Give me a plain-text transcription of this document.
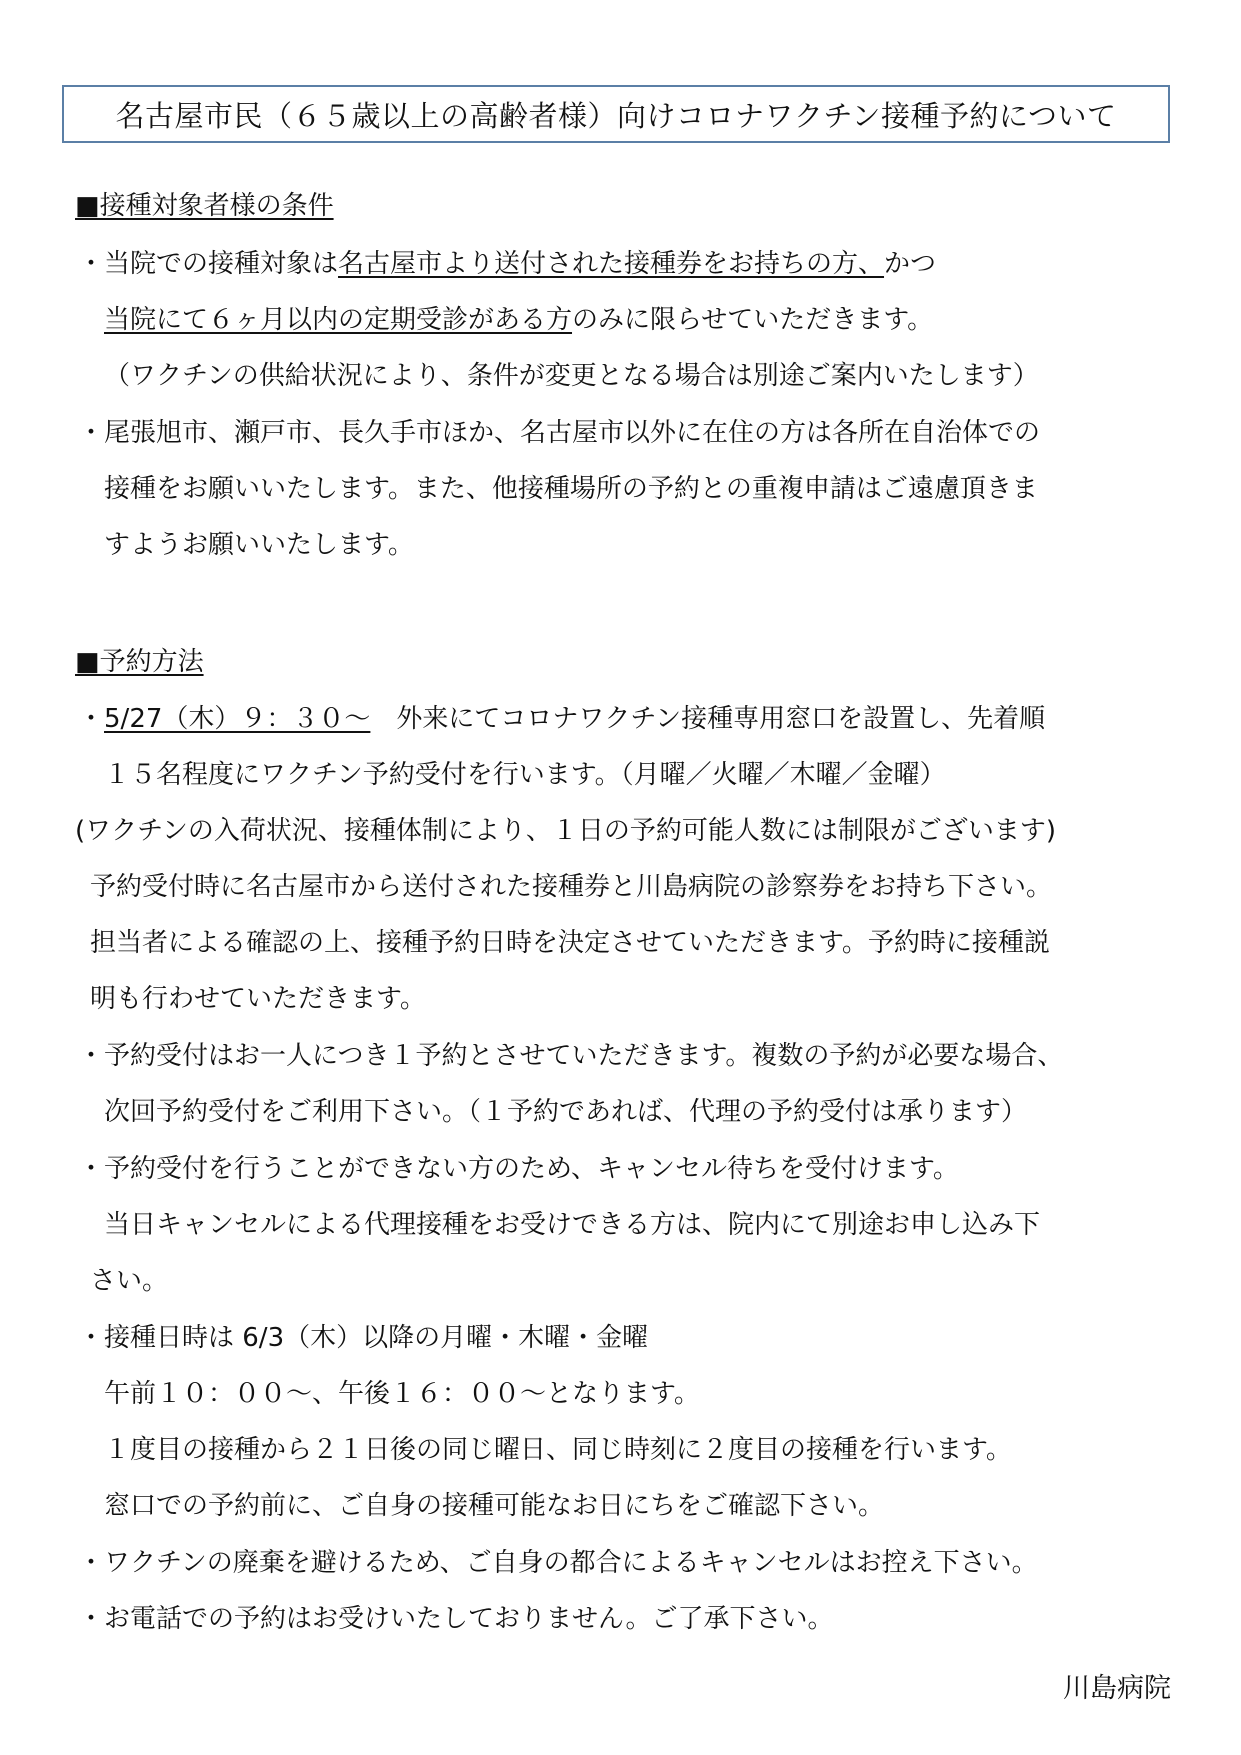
名古屋市民（６５歳以上の高齢者様）向けコロナワクチン接種予約について
■接種対象者様の条件
・当院での接種対象は名古屋市より送付された接種券をお持ちの方、かつ
当院にて６ヶ月以内の定期受診がある方のみに限らせていただきます。
（ワクチンの供給状況により、条件が変更となる場合は別途ご案内いたします）
・尾張旭市、瀬戸市、長久手市ほか、名古屋市以外に在住の方は各所在自治体での
接種をお願いいたします。また、他接種場所の予約との重複申請はご遠慮頂きま
すようお願いいたします。
■予約方法
・5/27（木）９：３０～　外来にてコロナワクチン接種専用窓口を設置し、先着順
１５名程度にワクチン予約受付を行います。（月曜／火曜／木曜／金曜）
(ワクチンの入荷状況、接種体制により、１日の予約可能人数には制限がございます)
予約受付時に名古屋市から送付された接種券と川島病院の診察券をお持ち下さい。
担当者による確認の上、接種予約日時を決定させていただきます。予約時に接種説
明も行わせていただきます。
・予約受付はお一人につき１予約とさせていただきます。複数の予約が必要な場合、
次回予約受付をご利用下さい。（１予約であれば、代理の予約受付は承ります）
・予約受付を行うことができない方のため、キャンセル待ちを受付けます。
当日キャンセルによる代理接種をお受けできる方は、院内にて別途お申し込み下
さい。
・接種日時は 6/3（木）以降の月曜・木曜・金曜
午前１０：００～、午後１６：００～となります。
１度目の接種から２１日後の同じ曜日、同じ時刻に２度目の接種を行います。
窓口での予約前に、ご自身の接種可能なお日にちをご確認下さい。
・ワクチンの廃棄を避けるため、ご自身の都合によるキャンセルはお控え下さい。
・お電話での予約はお受けいたしておりません。ご了承下さい。
川島病院
